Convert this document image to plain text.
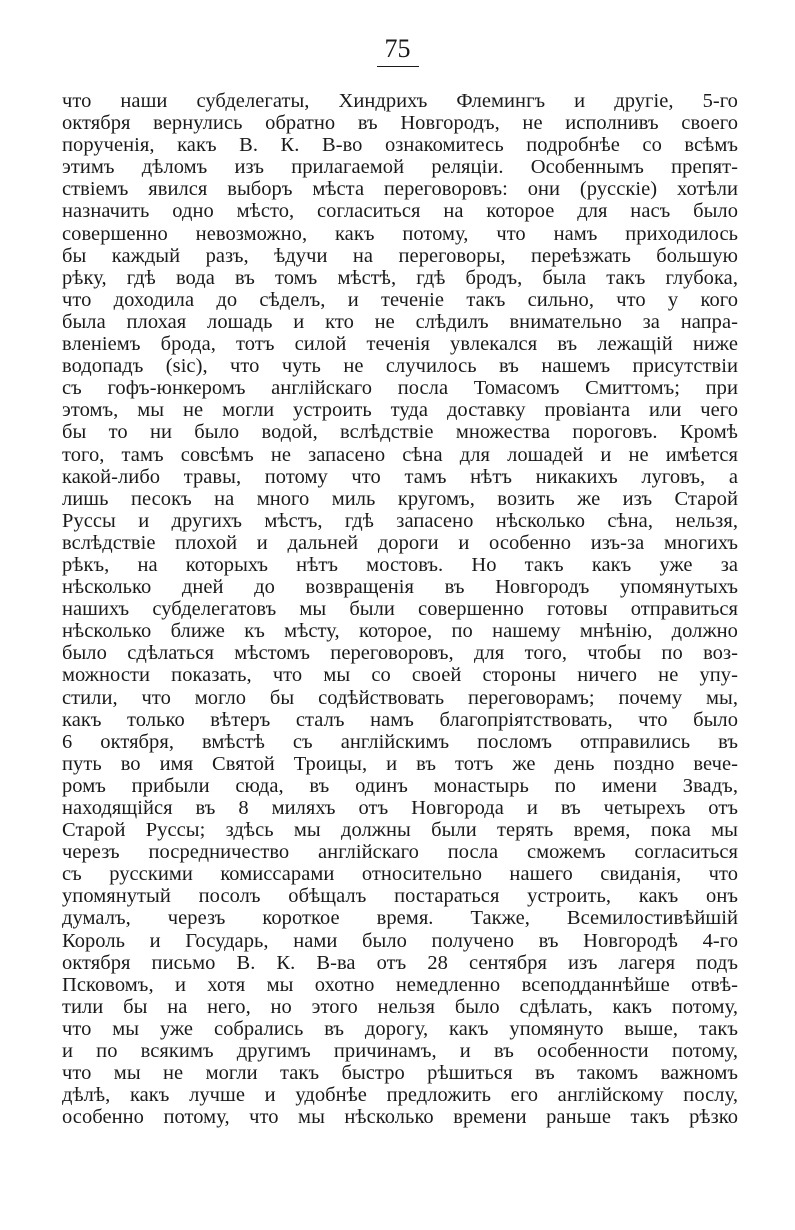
75
что наши субделегаты, Хиндрихъ Флемингъ и другіе, 5-го
октября вернулись обратно въ Новгородъ, не исполнивъ своего
порученія, какъ В. К. В-во ознакомитесь подробнѣе со всѣмъ
этимъ дѣломъ изъ прилагаемой реляціи. Особеннымъ препят-
ствіемъ явился выборъ мѣста переговоровъ: они (русскіе) хотѣли
назначить одно мѣсто, согласиться на которое для насъ было
совершенно невозможно, какъ потому, что намъ приходилось
бы каждый разъ, ѣдучи на переговоры, переѣзжать большую
рѣку, гдѣ вода въ томъ мѣстѣ, гдѣ бродъ, была такъ глубока,
что доходила до сѣделъ, и теченіе такъ сильно, что у кого
была плохая лошадь и кто не слѣдилъ внимательно за напра-
вленіемъ брода, тотъ силой теченія увлекался въ лежащій ниже
водопадъ (sic), что чуть не случилось въ нашемъ присутствіи
съ гофъ-юнкеромъ англійскаго посла Томасомъ Смиттомъ; при
этомъ, мы не могли устроить туда доставку провіанта или чего
бы то ни было водой, вслѣдствіе множества пороговъ. Кромѣ
того, тамъ совсѣмъ не запасено сѣна для лошадей и не имѣется
какой-либо травы, потому что тамъ нѣтъ никакихъ луговъ, а
лишь песокъ на много миль кругомъ, возить же изъ Старой
Руссы и другихъ мѣстъ, гдѣ запасено нѣсколько сѣна, нельзя,
вслѣдствіе плохой и дальней дороги и особенно изъ-за многихъ
рѣкъ, на которыхъ нѣтъ мостовъ. Но такъ какъ уже за
нѣсколько дней до возвращенія въ Новгородъ упомянутыхъ
нашихъ субделегатовъ мы были совершенно готовы отправиться
нѣсколько ближе къ мѣсту, которое, по нашему мнѣнію, должно
было сдѣлаться мѣстомъ переговоровъ, для того, чтобы по воз-
можности показать, что мы со своей стороны ничего не упу-
стили, что могло бы содѣйствовать переговорамъ; почему мы,
какъ только вѣтеръ сталъ намъ благопріятствовать, что было
6 октября, вмѣстѣ съ англійскимъ посломъ отправились въ
путь во имя Святой Троицы, и въ тотъ же день поздно вече-
ромъ прибыли сюда, въ одинъ монастырь по имени Звадъ,
находящійся въ 8 миляхъ отъ Новгорода и въ четырехъ отъ
Старой Руссы; здѣсь мы должны были терять время, пока мы
черезъ посредничество англійскаго посла сможемъ согласиться
съ русскими комиссарами относительно нашего свиданія, что
упомянутый посолъ обѣщалъ постараться устроить, какъ онъ
думалъ, черезъ короткое время. Также, Всемилостивѣйшій
Король и Государь, нами было получено въ Новгородѣ 4-го
октября письмо В. К. В-ва отъ 28 сентября изъ лагеря подъ
Псковомъ, и хотя мы охотно немедленно всеподданнѣйше отвѣ-
тили бы на него, но этого нельзя было сдѣлать, какъ потому,
что мы уже собрались въ дорогу, какъ упомянуто выше, такъ
и по всякимъ другимъ причинамъ, и въ особенности потому,
что мы не могли такъ быстро рѣшиться въ такомъ важномъ
дѣлѣ, какъ лучше и удобнѣе предложить его англійскому послу,
особенно потому, что мы нѣсколько времени раньше такъ рѣзко
